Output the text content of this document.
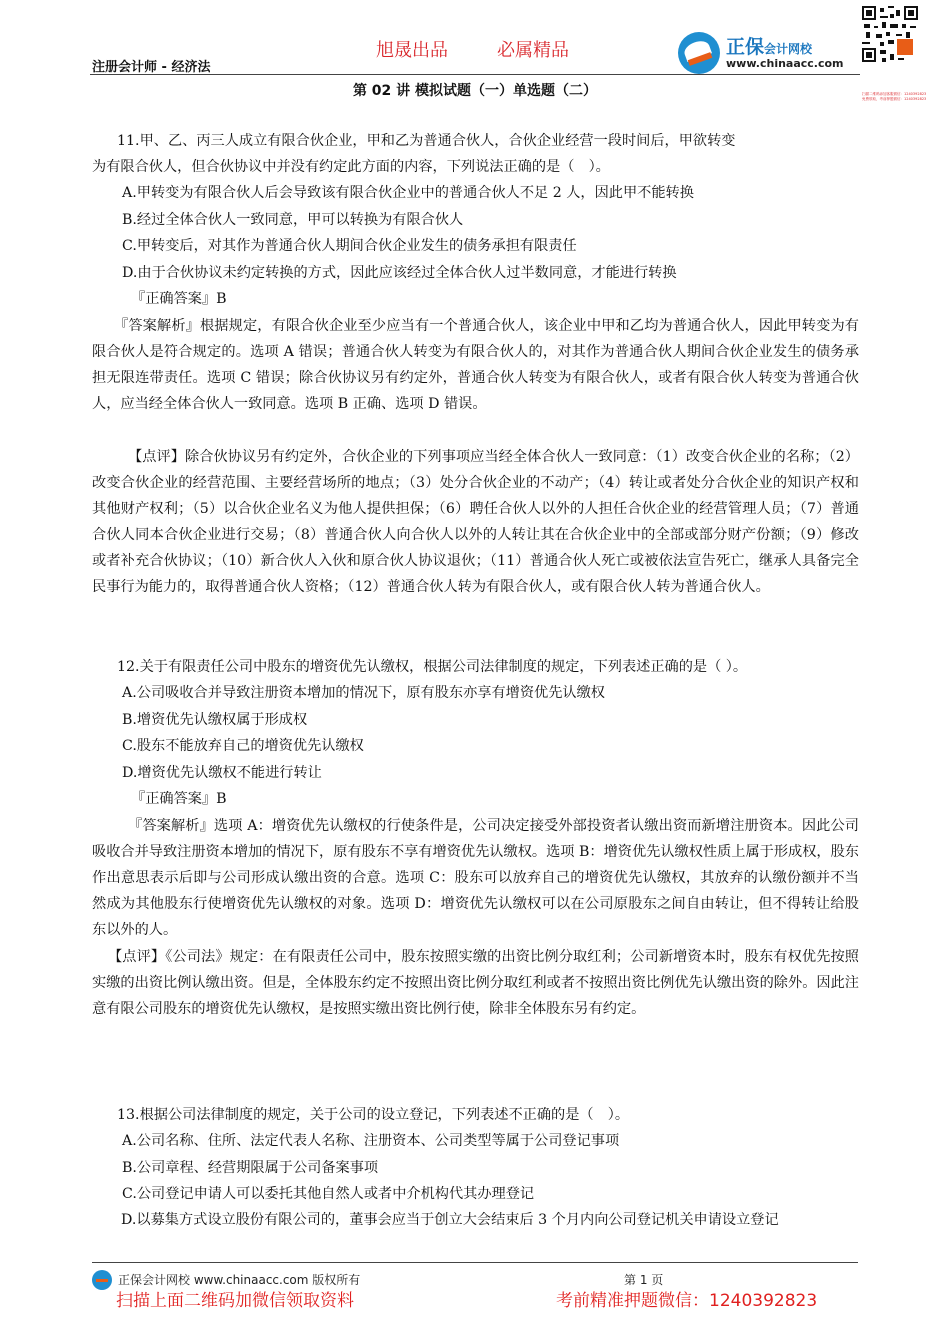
旭晟出品	必属精品
注册会计师 - 经济法
正保会计网校
www.chinaacc.com
扫描二维码添加客服微信：1240392823
免费领取，考前押题微信：1240392823
第 02 讲 模拟试题（一）单选题（二）
11.甲、乙、丙三人成立有限合伙企业，甲和乙为普通合伙人，合伙企业经营一段时间后，甲欲转变
为有限合伙人，但合伙协议中并没有约定此方面的内容，下列说法正确的是（　）。
A.甲转变为有限合伙人后会导致该有限合伙企业中的普通合伙人不足 2 人，因此甲不能转换
B.经过全体合伙人一致同意，甲可以转换为有限合伙人
C.甲转变后，对其作为普通合伙人期间合伙企业发生的债务承担有限责任
D.由于合伙协议未约定转换的方式，因此应该经过全体合伙人过半数同意，才能进行转换
『正确答案』B
『答案解析』根据规定，有限合伙企业至少应当有一个普通合伙人，该企业中甲和乙均为普通合伙人，因此甲转变为有限合伙人是符合规定的。选项 A 错误；普通合伙人转变为有限合伙人的，对其作为普通合伙人期间合伙企业发生的债务承担无限连带责任。选项 C 错误；除合伙协议另有约定外，普通合伙人转变为有限合伙人，或者有限合伙人转变为普通合伙人，应当经全体合伙人一致同意。选项 B 正确、选项 D 错误。
【点评】除合伙协议另有约定外，合伙企业的下列事项应当经全体合伙人一致同意：（1）改变合伙企业的名称；（2）改变合伙企业的经营范围、主要经营场所的地点；（3）处分合伙企业的不动产；（4）转让或者处分合伙企业的知识产权和其他财产权利；（5）以合伙企业名义为他人提供担保；（6）聘任合伙人以外的人担任合伙企业的经营管理人员；（7）普通合伙人同本合伙企业进行交易；（8）普通合伙人向合伙人以外的人转让其在合伙企业中的全部或部分财产份额；（9）修改或者补充合伙协议；（10）新合伙人入伙和原合伙人协议退伙；（11）普通合伙人死亡或被依法宣告死亡，继承人具备完全民事行为能力的，取得普通合伙人资格；（12）普通合伙人转为有限合伙人，或有限合伙人转为普通合伙人。
12.关于有限责任公司中股东的增资优先认缴权，根据公司法律制度的规定，下列表述正确的是（ ）。
A.公司吸收合并导致注册资本增加的情况下，原有股东亦享有增资优先认缴权
B.增资优先认缴权属于形成权
C.股东不能放弃自己的增资优先认缴权
D.增资优先认缴权不能进行转让
『正确答案』B
『答案解析』选项 A：增资优先认缴权的行使条件是，公司决定接受外部投资者认缴出资而新增注册资本。因此公司吸收合并导致注册资本增加的情况下，原有股东不享有增资优先认缴权。选项 B：增资优先认缴权性质上属于形成权，股东作出意思表示后即与公司形成认缴出资的合意。选项 C：股东可以放弃自己的增资优先认缴权，其放弃的认缴份额并不当然成为其他股东行使增资优先认缴权的对象。选项 D：增资优先认缴权可以在公司原股东之间自由转让，但不得转让给股东以外的人。
【点评】《公司法》规定：在有限责任公司中，股东按照实缴的出资比例分取红利；公司新增资本时，股东有权优先按照实缴的出资比例认缴出资。但是，全体股东约定不按照出资比例分取红利或者不按照出资比例优先认缴出资的除外。因此注意有限公司股东的增资优先认缴权，是按照实缴出资比例行使，除非全体股东另有约定。
13.根据公司法律制度的规定，关于公司的设立登记，下列表述不正确的是（　）。
A.公司名称、住所、法定代表人名称、注册资本、公司类型等属于公司登记事项
B.公司章程、经营期限属于公司备案事项
C.公司登记申请人可以委托其他自然人或者中介机构代其办理登记
D.以募集方式设立股份有限公司的，董事会应当于创立大会结束后 3 个月内向公司登记机关申请设立登记
正保会计网校 www.chinaacc.com 版权所有	第 1 页
扫描上面二维码加微信领取资料	考前精准押题微信：1240392823
